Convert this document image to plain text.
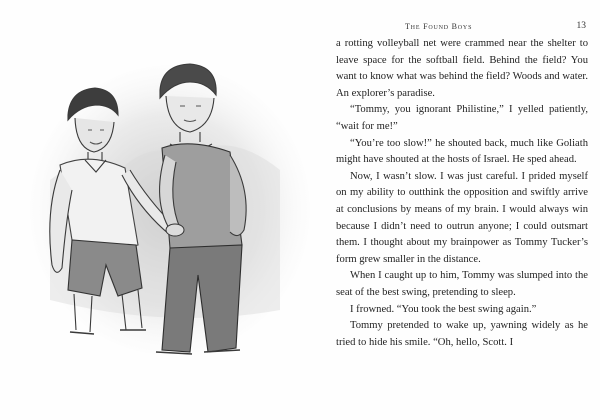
The Found Boys	13

a rotting volleyball net were crammed near the shelter to leave space for the softball field. Behind the field? You want to know what was behind the field? Woods and water. An explorer’s paradise.

“Tommy, you ignorant Philistine,” I yelled patiently, “wait for me!”

“You’re too slow!” he shouted back, much like Goliath might have shouted at the hosts of Israel. He sped ahead.

Now, I wasn’t slow. I was just careful. I prided myself on my ability to outthink the opposition and swiftly arrive at conclusions by means of my brain. I would always win because I didn’t need to outrun anyone; I could outsmart them. I thought about my brainpower as Tommy Tucker’s form grew smaller in the distance.

When I caught up to him, Tommy was slumped into the seat of the best swing, pretending to sleep.

I frowned. “You took the best swing again.”

Tommy pretended to wake up, yawning widely as he tried to hide his smile. “Oh, hello, Scott. I
